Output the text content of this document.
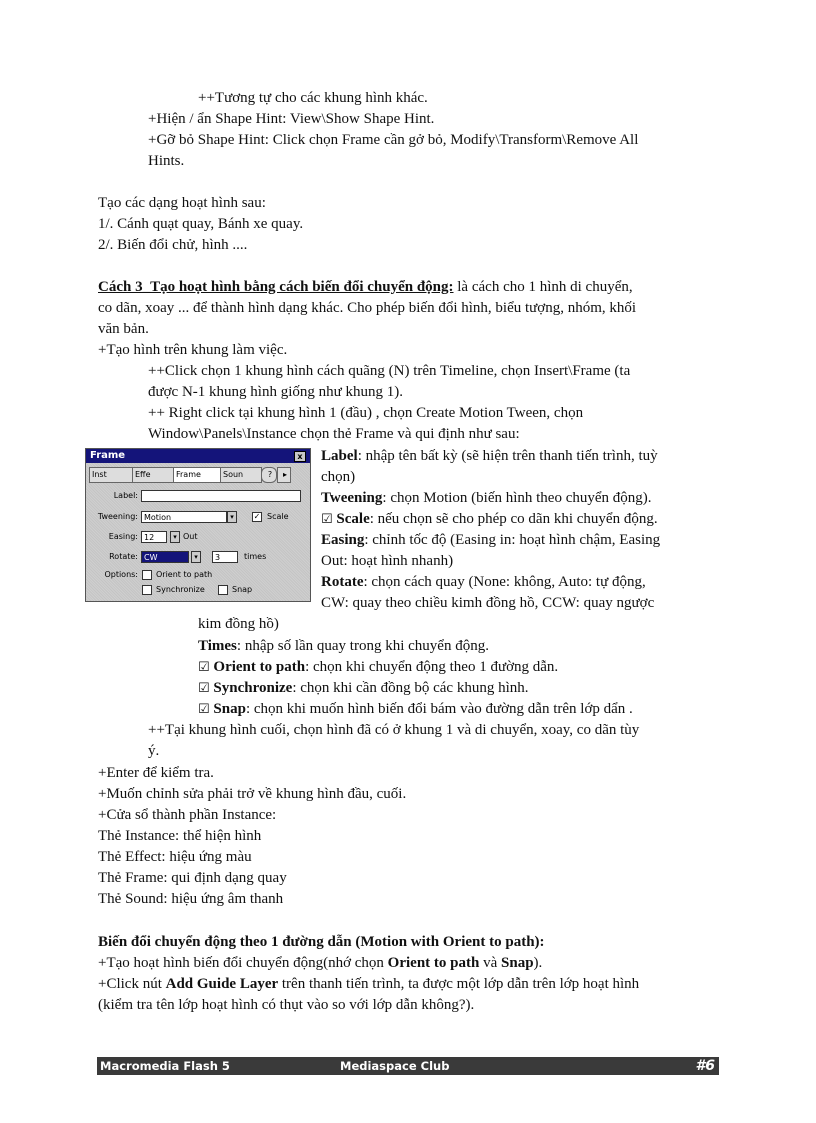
++Tương tự cho các khung hình khác.
+Hiện / ẩn Shape Hint: View\Show Shape Hint.
+Gỡ bỏ Shape Hint: Click chọn Frame cần gở bỏ, Modify\Transform\Remove All
Hints.
Tạo các dạng hoạt hình sau:
1/. Cánh quạt quay, Bánh xe quay.
2/. Biến đổi chử, hình ....
Cách 3_Tạo hoạt hình bằng cách biến đổi chuyển động: là cách cho 1 hình di chuyển,
co dãn, xoay ... để thành hình dạng khác. Cho phép biến đổi hình, biểu tượng, nhóm, khối
văn bản.
+Tạo hình trên khung làm việc.
++Click chọn 1 khung hình cách quãng (N) trên Timeline, chọn Insert\Frame (ta
được N-1 khung hình giống như khung 1).
++ Right click tại khung hình 1 (đầu) , chọn Create Motion Tween, chọn
Window\Panels\Instance chọn thẻ Frame và qui định như sau:
Frame	x
Inst	Effe	Frame	Soun	?	▸
Label:
Tweening: Motion	▾	✓ Scale
Easing: 12	▾ Out
Rotate: CW	▾	3	times
Options: Orient to path
Synchronize	Snap
Label: nhập tên bất kỳ (sẽ hiện trên thanh tiến trình, tuỳ
chọn)
Tweening: chọn Motion (biến hình theo chuyển động).
☑ Scale: nếu chọn sẽ cho phép co dãn khi chuyển động.
Easing: chỉnh tốc độ (Easing in: hoạt hình chậm, Easing
Out: hoạt hình nhanh)
Rotate: chọn cách quay (None: không, Auto: tự động,
CW: quay theo chiều kimh đồng hồ, CCW: quay ngược
kim đồng hồ)
Times: nhập số lần quay trong khi chuyển động.
☑ Orient to path: chọn khi chuyển động theo 1 đường dẫn.
☑ Synchronize: chọn khi cần đồng bộ các khung hình.
☑ Snap: chọn khi muốn hình biến đổi bám vào đường dẫn trên lớp dẩn .
++Tại khung hình cuối, chọn hình đã có ở khung 1 và di chuyển, xoay, co dãn tùy
ý.
+Enter để kiểm tra.
+Muốn chỉnh sửa phải trở về khung hình đầu, cuối.
+Cửa sổ thành phần Instance:
Thẻ Instance: thể hiện hình
Thẻ Effect: hiệu ứng màu
Thẻ Frame: qui định dạng quay
Thẻ Sound: hiệu ứng âm thanh
Biến đổi chuyển động theo 1 đường dẫn (Motion with Orient to path):
+Tạo hoạt hình biến đổi chuyển động(nhớ chọn Orient to path và Snap).
+Click nút Add Guide Layer trên thanh tiến trình, ta được một lớp dẫn trên lớp hoạt hình
(kiểm tra tên lớp hoạt hình có thụt vào so với lớp dẫn không?).
Macromedia Flash 5	Mediaspace Club	#6
